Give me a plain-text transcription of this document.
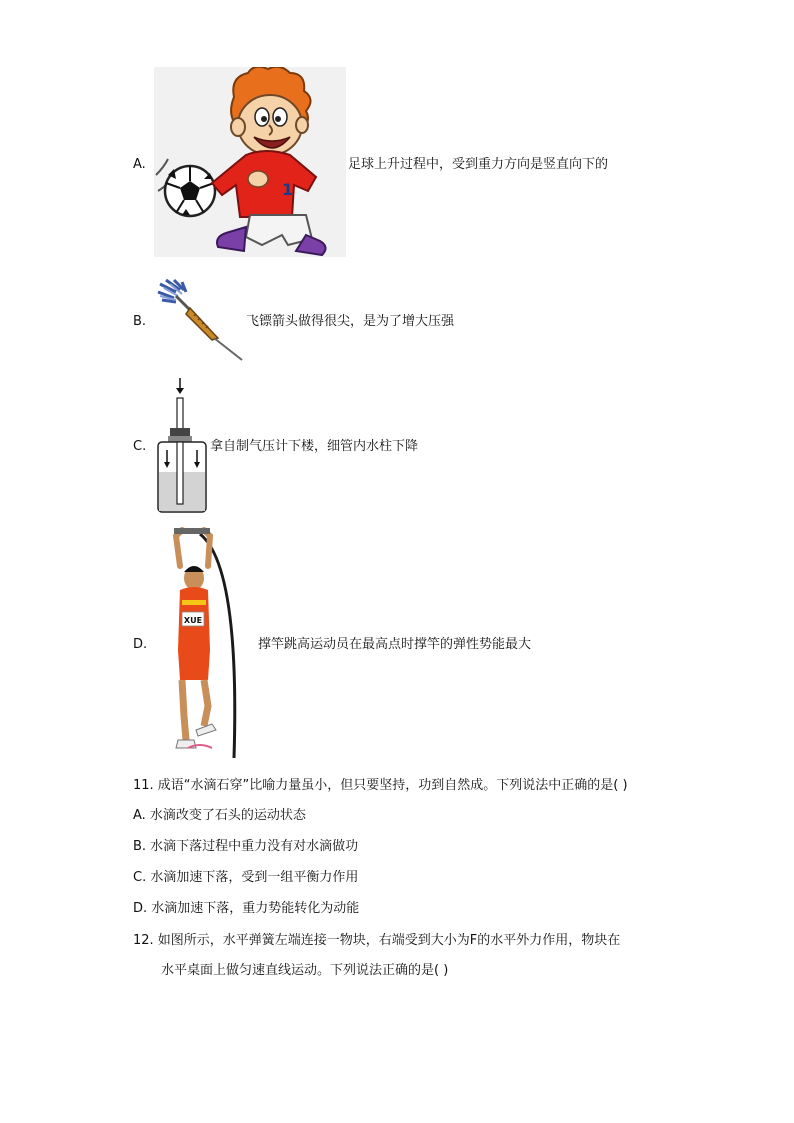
A.
1
足球上升过程中，受到重力方向是竖直向下的
B.	飞镖箭头做得很尖，是为了增大压强
C.	拿自制气压计下楼，细管内水柱下降
D.
XUE
撑竿跳高运动员在最高点时撑竿的弹性势能最大
11. 成语“水滴石穿”比喻力量虽小，但只要坚持，功到自然成。下列说法中正确的是( )
A. 水滴改变了石头的运动状态
B. 水滴下落过程中重力没有对水滴做功
C. 水滴加速下落，受到一组平衡力作用
D. 水滴加速下落，重力势能转化为动能
12. 如图所示，水平弹簧左端连接一物块，右端受到大小为F的水平外力作用，物块在
水平桌面上做匀速直线运动。下列说法正确的是( )
